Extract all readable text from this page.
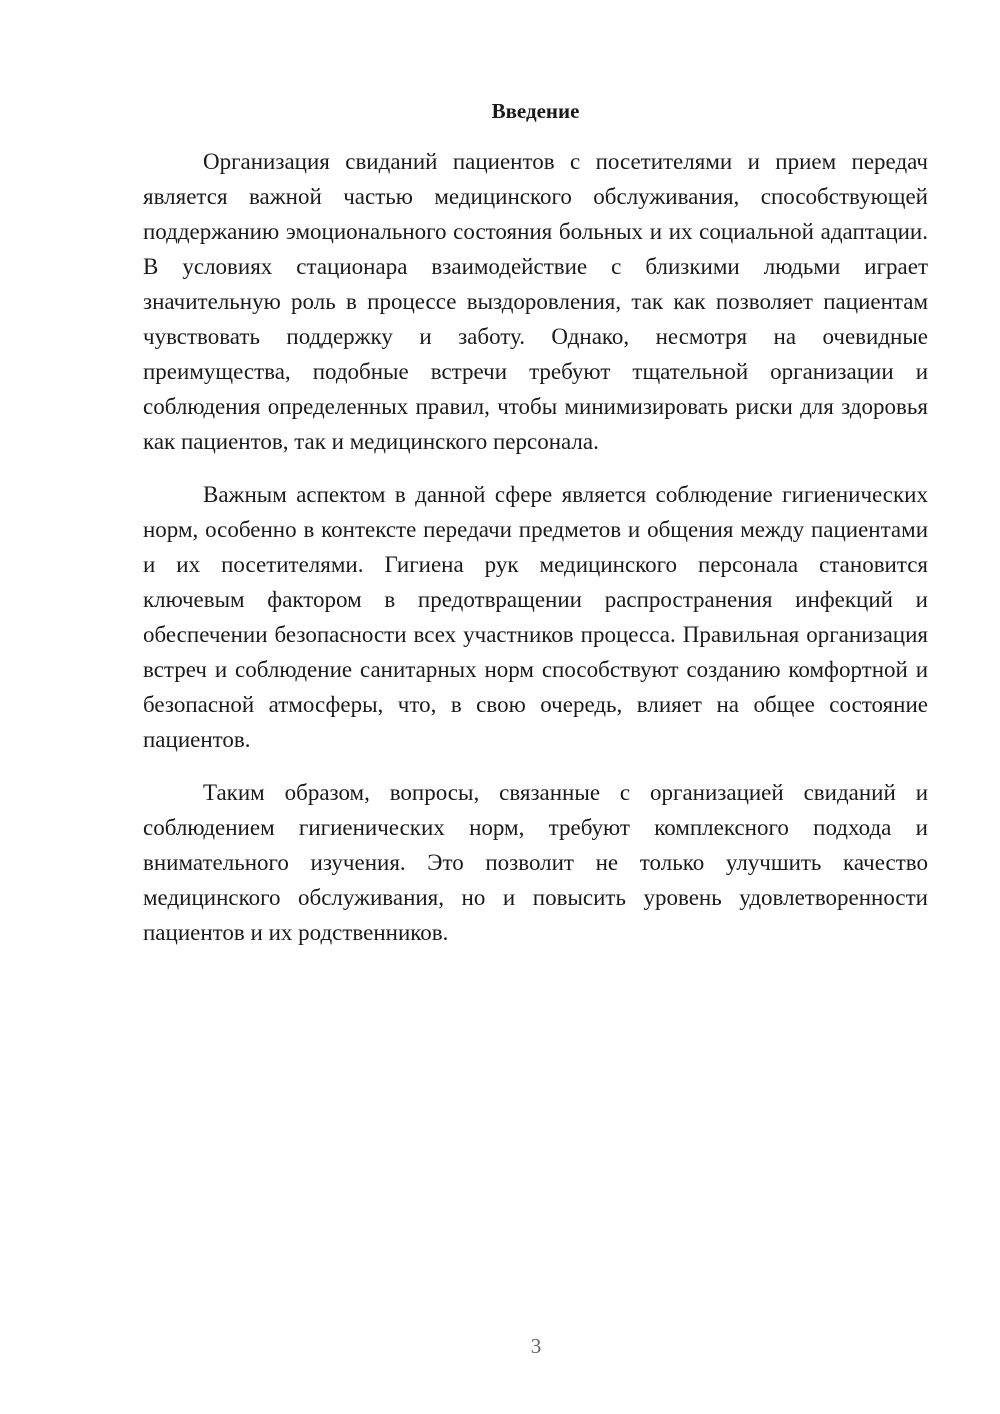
Введение

Организация свиданий пациентов с посетителями и прием передач является важной частью медицинского обслуживания, способствующей поддержанию эмоционального состояния больных и их социальной адаптации. В условиях стационара взаимодействие с близкими людьми играет значительную роль в процессе выздоровления, так как позволяет пациентам чувствовать поддержку и заботу. Однако, несмотря на очевидные преимущества, подобные встречи требуют тщательной организации и соблюдения определенных правил, чтобы минимизировать риски для здоровья как пациентов, так и медицинского персонала.

Важным аспектом в данной сфере является соблюдение гигиенических норм, особенно в контексте передачи предметов и общения между пациентами и их посетителями. Гигиена рук медицинского персонала становится ключевым фактором в предотвращении распространения инфекций и обеспечении безопасности всех участников процесса. Правильная организация встреч и соблюдение санитарных норм способствуют созданию комфортной и безопасной атмосферы, что, в свою очередь, влияет на общее состояние пациентов.

Таким образом, вопросы, связанные с организацией свиданий и соблюдением гигиенических норм, требуют комплексного подхода и внимательного изучения. Это позволит не только улучшить качество медицинского обслуживания, но и повысить уровень удовлетворенности пациентов и их родственников.

3
